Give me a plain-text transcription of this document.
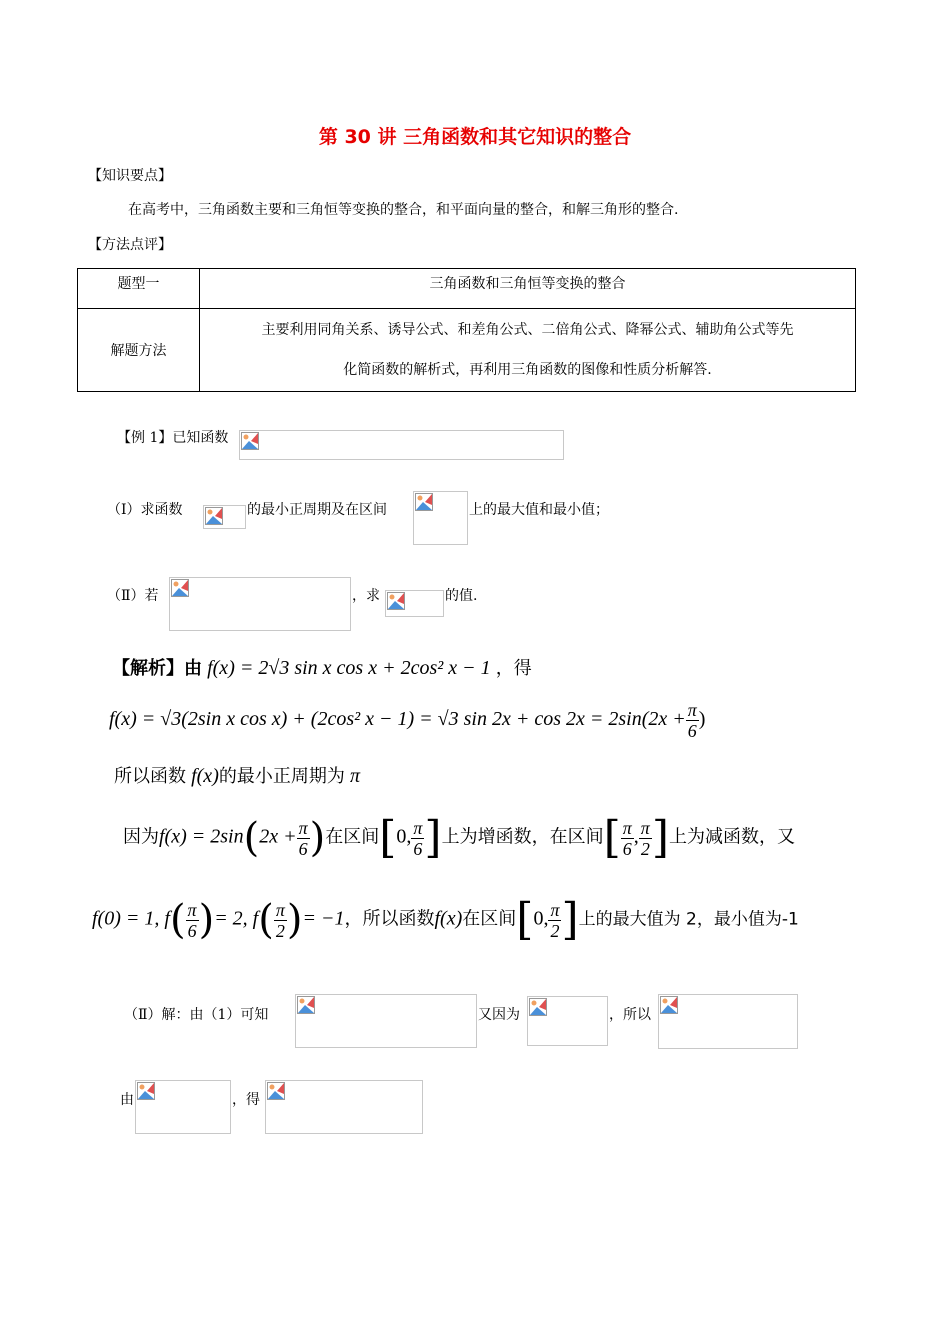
第 30 讲 三角函数和其它知识的整合
【知识要点】
在高考中，三角函数主要和三角恒等变换的整合，和平面向量的整合，和解三角形的整合.
【方法点评】
题型一	三角函数和三角恒等变换的整合
解题方法	主要利用同角关系、诱导公式、和差角公式、二倍角公式、降幂公式、辅助角公式等先
化简函数的解析式，再利用三角函数的图像和性质分析解答.
【例 1】已知函数
（Ⅰ）求函数	的最小正周期及在区间	上的最大值和最小值；
（Ⅱ）若	，求	的值.
【解析】由 f(x) = 2√3 sin x cos x + 2cos² x − 1 ，得
f(x) = √3(2sin x cos x) + (2cos² x − 1) = √3 $\sin 2x + \cos 2x = 2\sin(2x + \frac{\pi}{6}$ )
所以函数 f(x)的最小正周期为 π
因为$f(x) = 2\sin(2x + \frac{\pi}{6}$ )在区间[0, $\frac{\pi}{6}$ ]上为增函数，在区间[ $\frac{\pi}{6}$ , $\frac{\pi}{2}$ ]上为减函数，又
f(0) = 1, $f( \frac{\pi}{6}$ )= 2, $f( \frac{\pi}{2}$ )= −1，所以函数f(x)在区间[0, $\frac{\pi}{2}$ ]上的最大值为 2，最小值为-1
（Ⅱ）解：由（1）可知	又因为	，所以
由	，得
